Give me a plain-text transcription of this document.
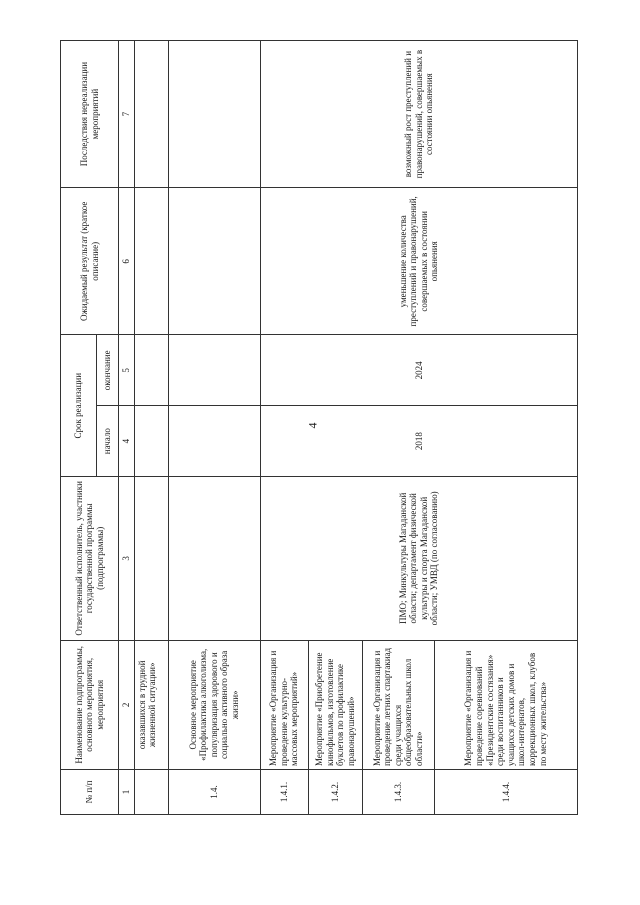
4
№ п/п	Наименование подпрограммы, основного мероприятия, мероприятия	Ответственный исполнитель, участники государственной программы (подпрограммы)	Срок реализации		Ожидаемый результат (краткое описание)	Последствия нереализации мероприятий
			начало	окончание		
1	2	3	4	5	6	7
	оказавшихся в трудной жизненной ситуации»					
1.4.	Основное мероприятие «Профилактика алкоголизма, популяризация здорового и социально активного образа жизни»					
1.4.1.	Мероприятие «Организация и проведение культурно-массовых мероприятий»	ПМО; Минкультуры Магаданской области; департамент физической культуры и спорта Магаданской области; УМВД (по согласованию)	2018	2024	уменьшение количества преступлений и правонарушений, совершаемых в состоянии опьянения	возможный рост преступлений и правонарушений, совершаемых в состоянии опьянения
1.4.2.	Мероприятие «Приобретение кинофильмов, изготовление буклетов по профилактике правонарушений»					
1.4.3.	Мероприятие «Организация и проведение летних спартакиад среди учащихся общеобразовательных школ области»					
1.4.4.	Мероприятие «Организация и проведение соревнований «Президентские состязания» среди воспитанников и учащихся детских домов и школ-интернатов, коррекционных школ, клубов по месту жительства»					
